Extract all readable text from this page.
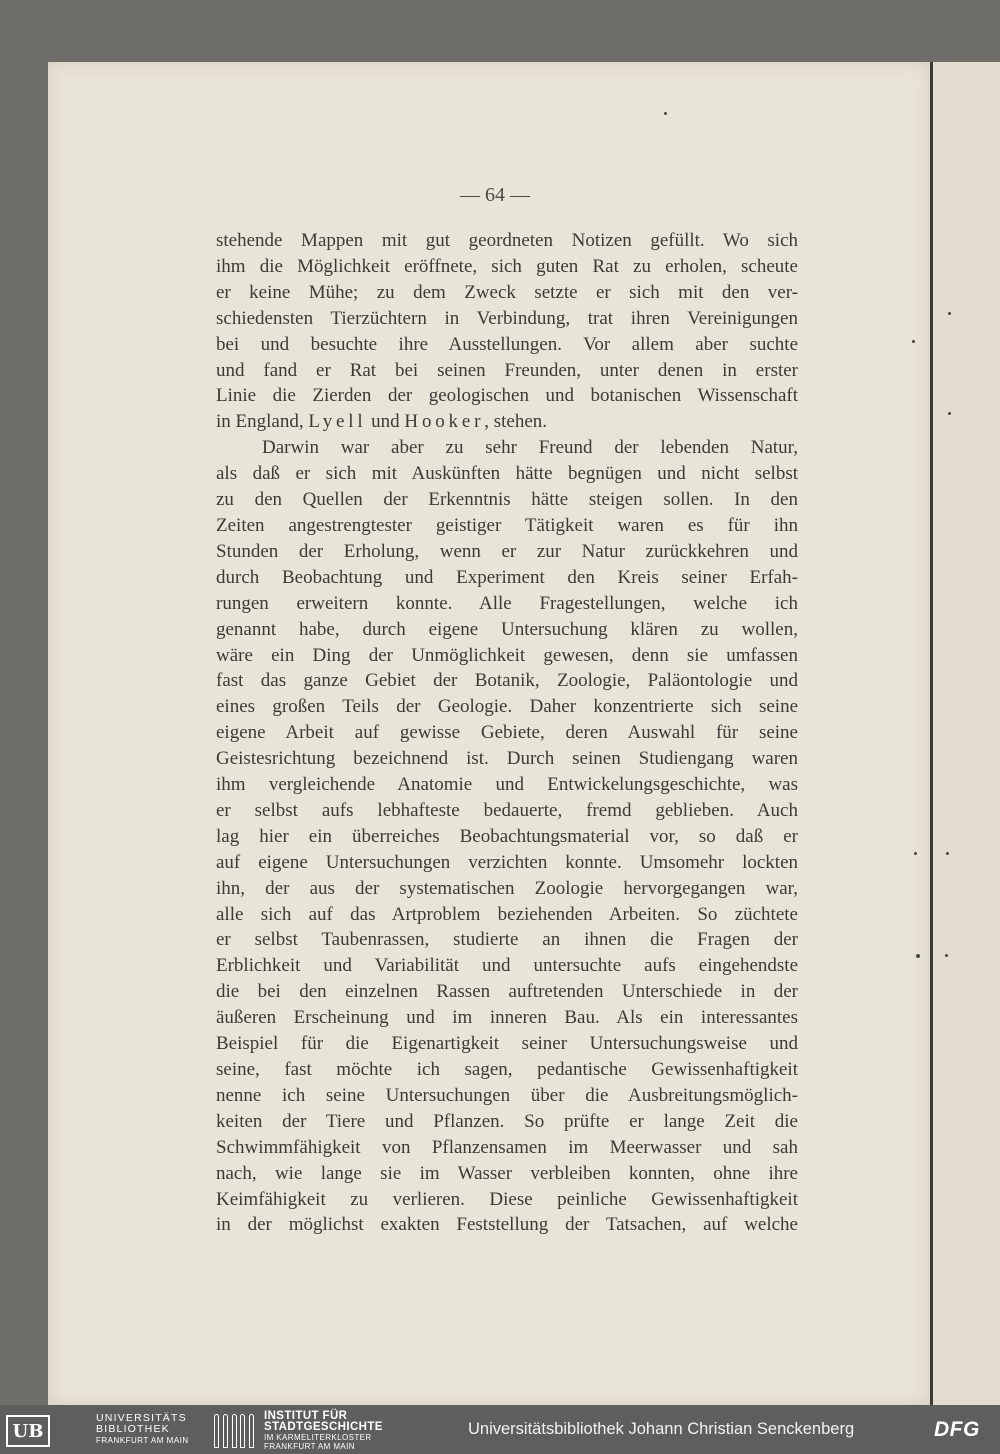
— 64 —
stehende Mappen mit gut geordneten Notizen gefüllt. Wo sich
ihm die Möglichkeit eröffnete, sich guten Rat zu erholen, scheute
er keine Mühe; zu dem Zweck setzte er sich mit den ver-
schiedensten Tierzüchtern in Verbindung, trat ihren Vereinigungen
bei und besuchte ihre Ausstellungen. Vor allem aber suchte
und fand er Rat bei seinen Freunden, unter denen in erster
Linie die Zierden der geologischen und botanischen Wissenschaft
in England, Lyell und Hooker, stehen.
Darwin war aber zu sehr Freund der lebenden Natur,
als daß er sich mit Auskünften hätte begnügen und nicht selbst
zu den Quellen der Erkenntnis hätte steigen sollen. In den
Zeiten angestrengtester geistiger Tätigkeit waren es für ihn
Stunden der Erholung, wenn er zur Natur zurückkehren und
durch Beobachtung und Experiment den Kreis seiner Erfah-
rungen erweitern konnte. Alle Fragestellungen, welche ich
genannt habe, durch eigene Untersuchung klären zu wollen,
wäre ein Ding der Unmöglichkeit gewesen, denn sie umfassen
fast das ganze Gebiet der Botanik, Zoologie, Paläontologie und
eines großen Teils der Geologie. Daher konzentrierte sich seine
eigene Arbeit auf gewisse Gebiete, deren Auswahl für seine
Geistesrichtung bezeichnend ist. Durch seinen Studiengang waren
ihm vergleichende Anatomie und Entwickelungsgeschichte, was
er selbst aufs lebhafteste bedauerte, fremd geblieben. Auch
lag hier ein überreiches Beobachtungsmaterial vor, so daß er
auf eigene Untersuchungen verzichten konnte. Umsomehr lockten
ihn, der aus der systematischen Zoologie hervorgegangen war,
alle sich auf das Artproblem beziehenden Arbeiten. So züchtete
er selbst Taubenrassen, studierte an ihnen die Fragen der
Erblichkeit und Variabilität und untersuchte aufs eingehendste
die bei den einzelnen Rassen auftretenden Unterschiede in der
äußeren Erscheinung und im inneren Bau. Als ein interessantes
Beispiel für die Eigenartigkeit seiner Untersuchungsweise und
seine, fast möchte ich sagen, pedantische Gewissenhaftigkeit
nenne ich seine Untersuchungen über die Ausbreitungsmöglich-
keiten der Tiere und Pflanzen. So prüfte er lange Zeit die
Schwimmfähigkeit von Pflanzensamen im Meerwasser und sah
nach, wie lange sie im Wasser verbleiben konnten, ohne ihre
Keimfähigkeit zu verlieren. Diese peinliche Gewissenhaftigkeit
in der möglichst exakten Feststellung der Tatsachen, auf welche
UB
UNIVERSITÄTS
BIBLIOTHEK
FRANKFURT AM MAIN
INSTITUT FÜR
STADTGESCHICHTE
IM KARMELITERKLOSTER
FRANKFURT AM MAIN
Universitätsbibliothek Johann Christian Senckenberg	DFG
